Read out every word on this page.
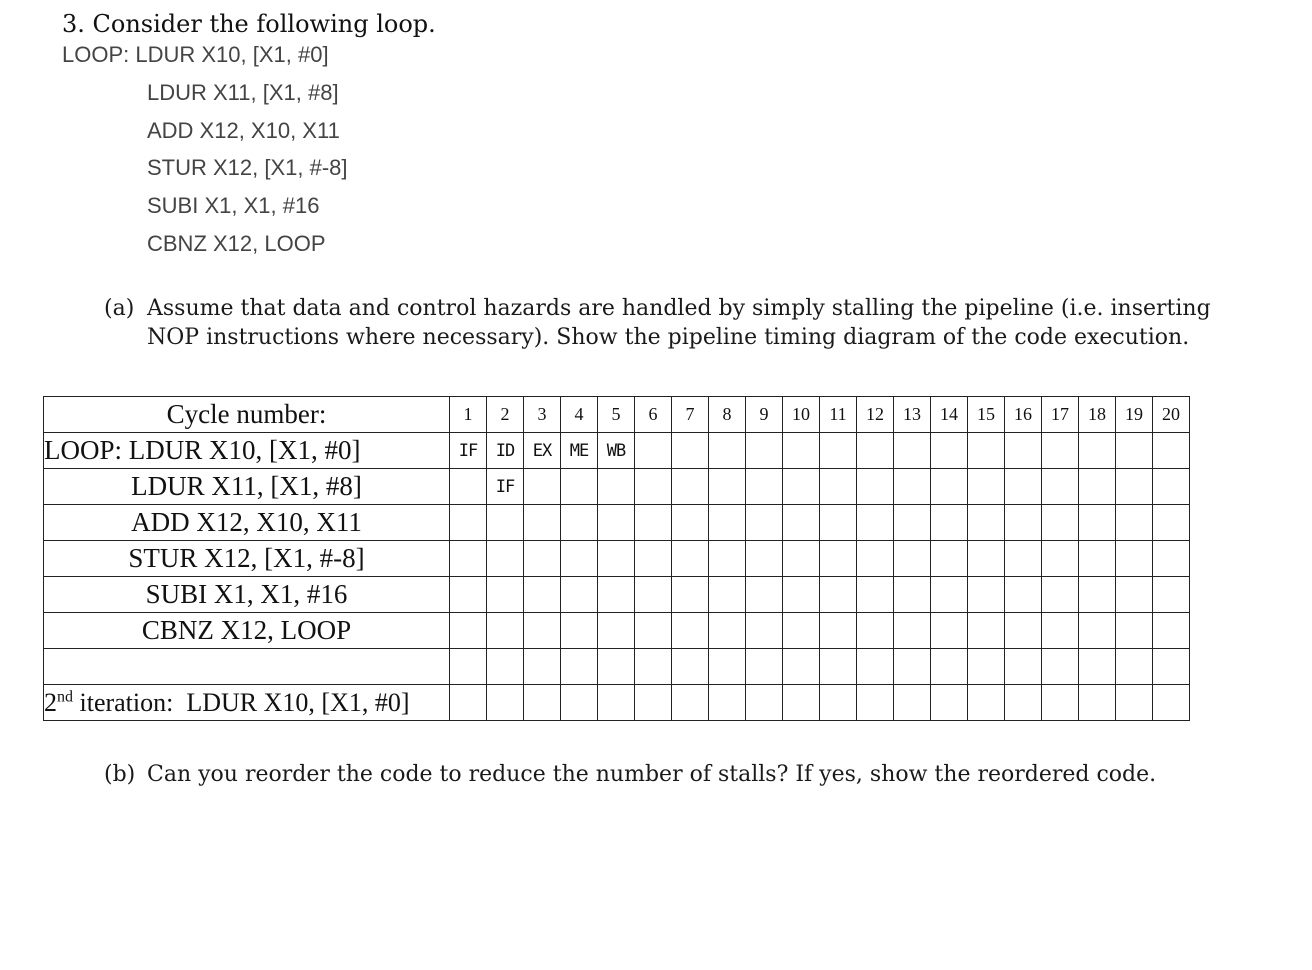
3. Consider the following loop.
LOOP: LDUR X10, [X1, #0]
LDUR X11, [X1, #8]
ADD X12, X10, X11
STUR X12, [X1, #-8]
SUBI X1, X1, #16
CBNZ X12, LOOP
(a) Assume that data and control hazards are handled by simply stalling the pipeline (i.e. inserting
NOP instructions where necessary). Show the pipeline timing diagram of the code execution.
Cycle number:	1	2	3	4	5	6	7	8	9	10	11	12	13	14	15	16	17	18	19	20
LOOP: LDUR X10, [X1, #0]	IF	ID	EX	ME	WB															
LDUR X11, [X1, #8]		IF																		
ADD X12, X10, X11																				
STUR X12, [X1, #-8]																				
SUBI X1, X1, #16																				
CBNZ X12, LOOP																				

2nd iteration:  LDUR X10, [X1, #0]																				
(b) Can you reorder the code to reduce the number of stalls? If yes, show the reordered code.
